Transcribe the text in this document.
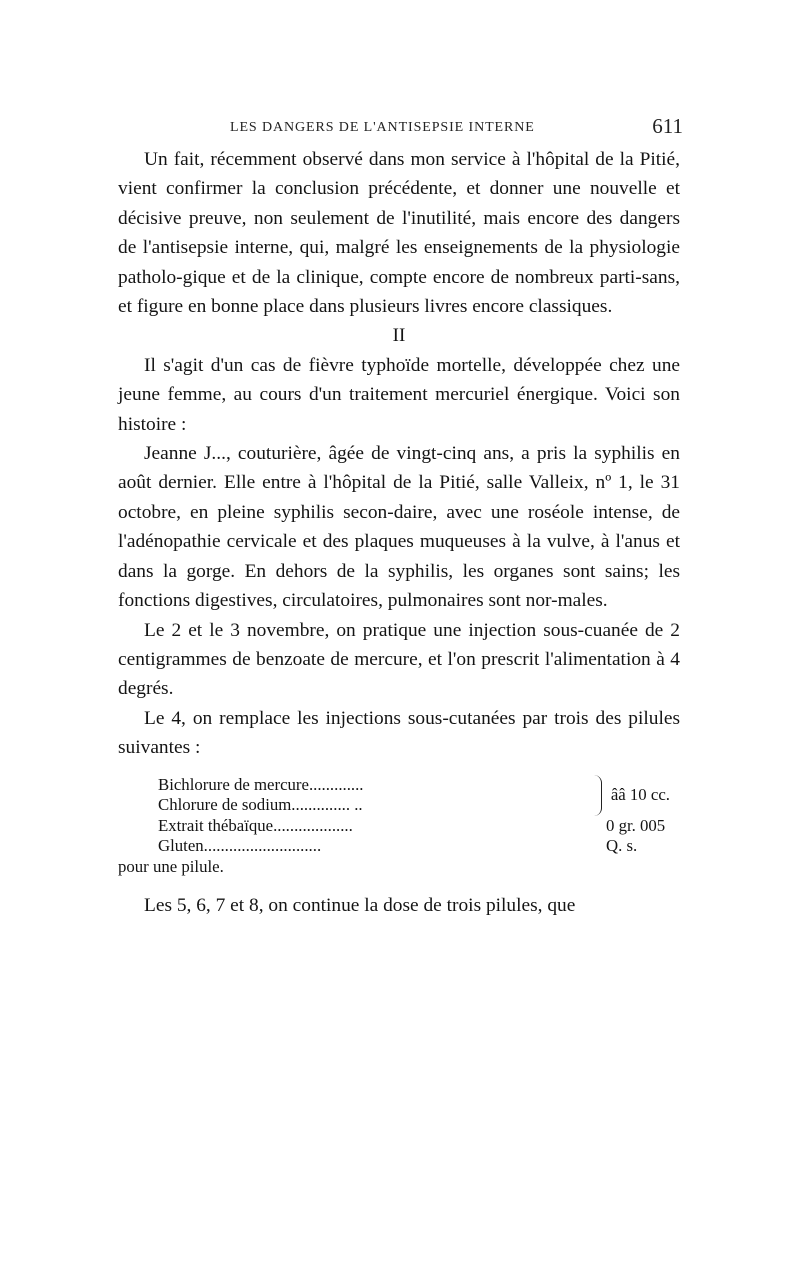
LES DANGERS DE L'ANTISEPSIE INTERNE	611

Un fait, récemment observé dans mon service à l'hôpital de la Pitié, vient confirmer la conclusion précédente, et donner une nouvelle et décisive preuve, non seulement de l'inutilité, mais encore des dangers de l'antisepsie interne, qui, malgré les enseignements de la physiologie patholo-gique et de la clinique, compte encore de nombreux parti-sans, et figure en bonne place dans plusieurs livres encore classiques.

II

Il s'agit d'un cas de fièvre typhoïde mortelle, développée chez une jeune femme, au cours d'un traitement mercuriel énergique. Voici son histoire :

Jeanne J..., couturière, âgée de vingt-cinq ans, a pris la syphilis en août dernier. Elle entre à l'hôpital de la Pitié, salle Valleix, nº 1, le 31 octobre, en pleine syphilis secon-daire, avec une roséole intense, de l'adénopathie cervicale et des plaques muqueuses à la vulve, à l'anus et dans la gorge. En dehors de la syphilis, les organes sont sains; les fonctions digestives, circulatoires, pulmonaires sont nor-males.

Le 2 et le 3 novembre, on pratique une injection sous-cuanée de 2 centigrammes de benzoate de mercure, et l'on prescrit l'alimentation à 4 degrés.

Le 4, on remplace les injections sous-cutanées par trois des pilules suivantes :

Bichlorure de mercure.............
Chlorure de sodium.............. ..
ââ 10 cc.
Extrait thébaïque...................	0 gr. 005
Gluten............................	Q. s.
pour une pilule.

Les 5, 6, 7 et 8, on continue la dose de trois pilules, que
